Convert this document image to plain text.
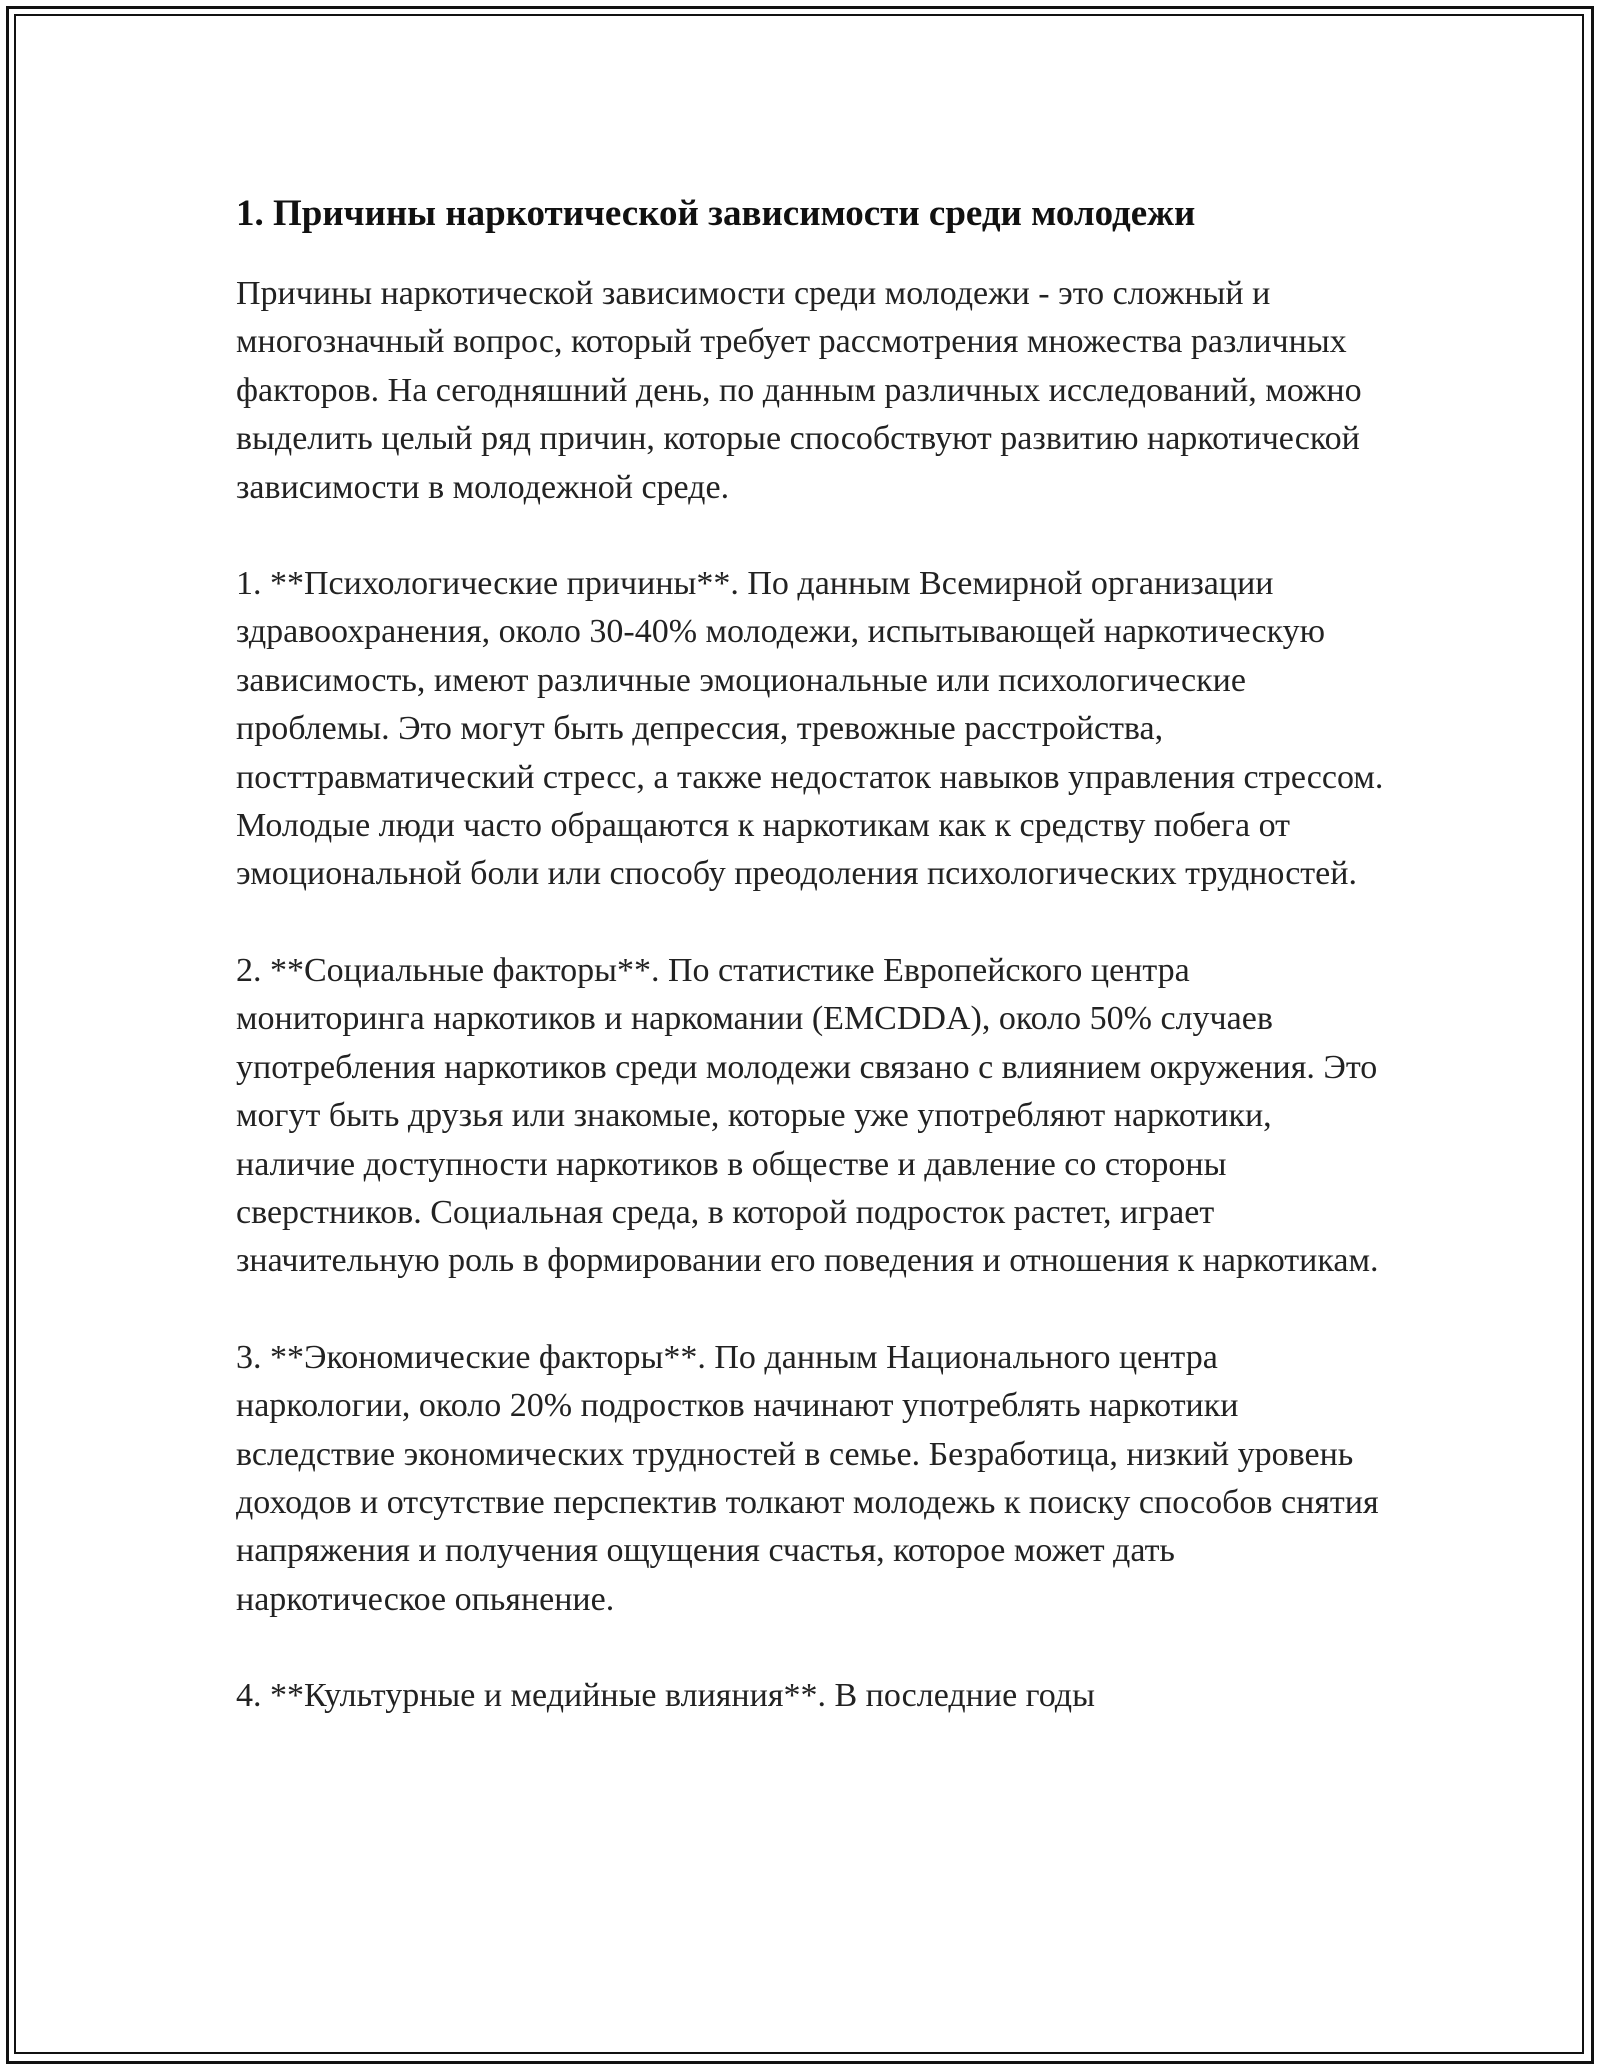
1. Причины наркотической зависимости среди молодежи

Причины наркотической зависимости среди молодежи - это сложный и многозначный вопрос, который требует рассмотрения множества различных факторов. На сегодняшний день, по данным различных исследований, можно выделить целый ряд причин, которые способствуют развитию наркотической зависимости в молодежной среде.

1. **Психологические причины**. По данным Всемирной организации здравоохранения, около 30-40% молодежи, испытывающей наркотическую зависимость, имеют различные эмоциональные или психологические проблемы. Это могут быть депрессия, тревожные расстройства, посттравматический стресс, а также недостаток навыков управления стрессом. Молодые люди часто обращаются к наркотикам как к средству побега от эмоциональной боли или способу преодоления психологических трудностей.

2. **Социальные факторы**. По статистике Европейского центра мониторинга наркотиков и наркомании (EMCDDA), около 50% случаев употребления наркотиков среди молодежи связано с влиянием окружения. Это могут быть друзья или знакомые, которые уже употребляют наркотики, наличие доступности наркотиков в обществе и давление со стороны сверстников. Социальная среда, в которой подросток растет, играет значительную роль в формировании его поведения и отношения к наркотикам.

3. **Экономические факторы**. По данным Национального центра наркологии, около 20% подростков начинают употреблять наркотики вследствие экономических трудностей в семье. Безработица, низкий уровень доходов и отсутствие перспектив толкают молодежь к поиску способов снятия напряжения и получения ощущения счастья, которое может дать наркотическое опьянение.

4. **Культурные и медийные влияния**. В последние годы
